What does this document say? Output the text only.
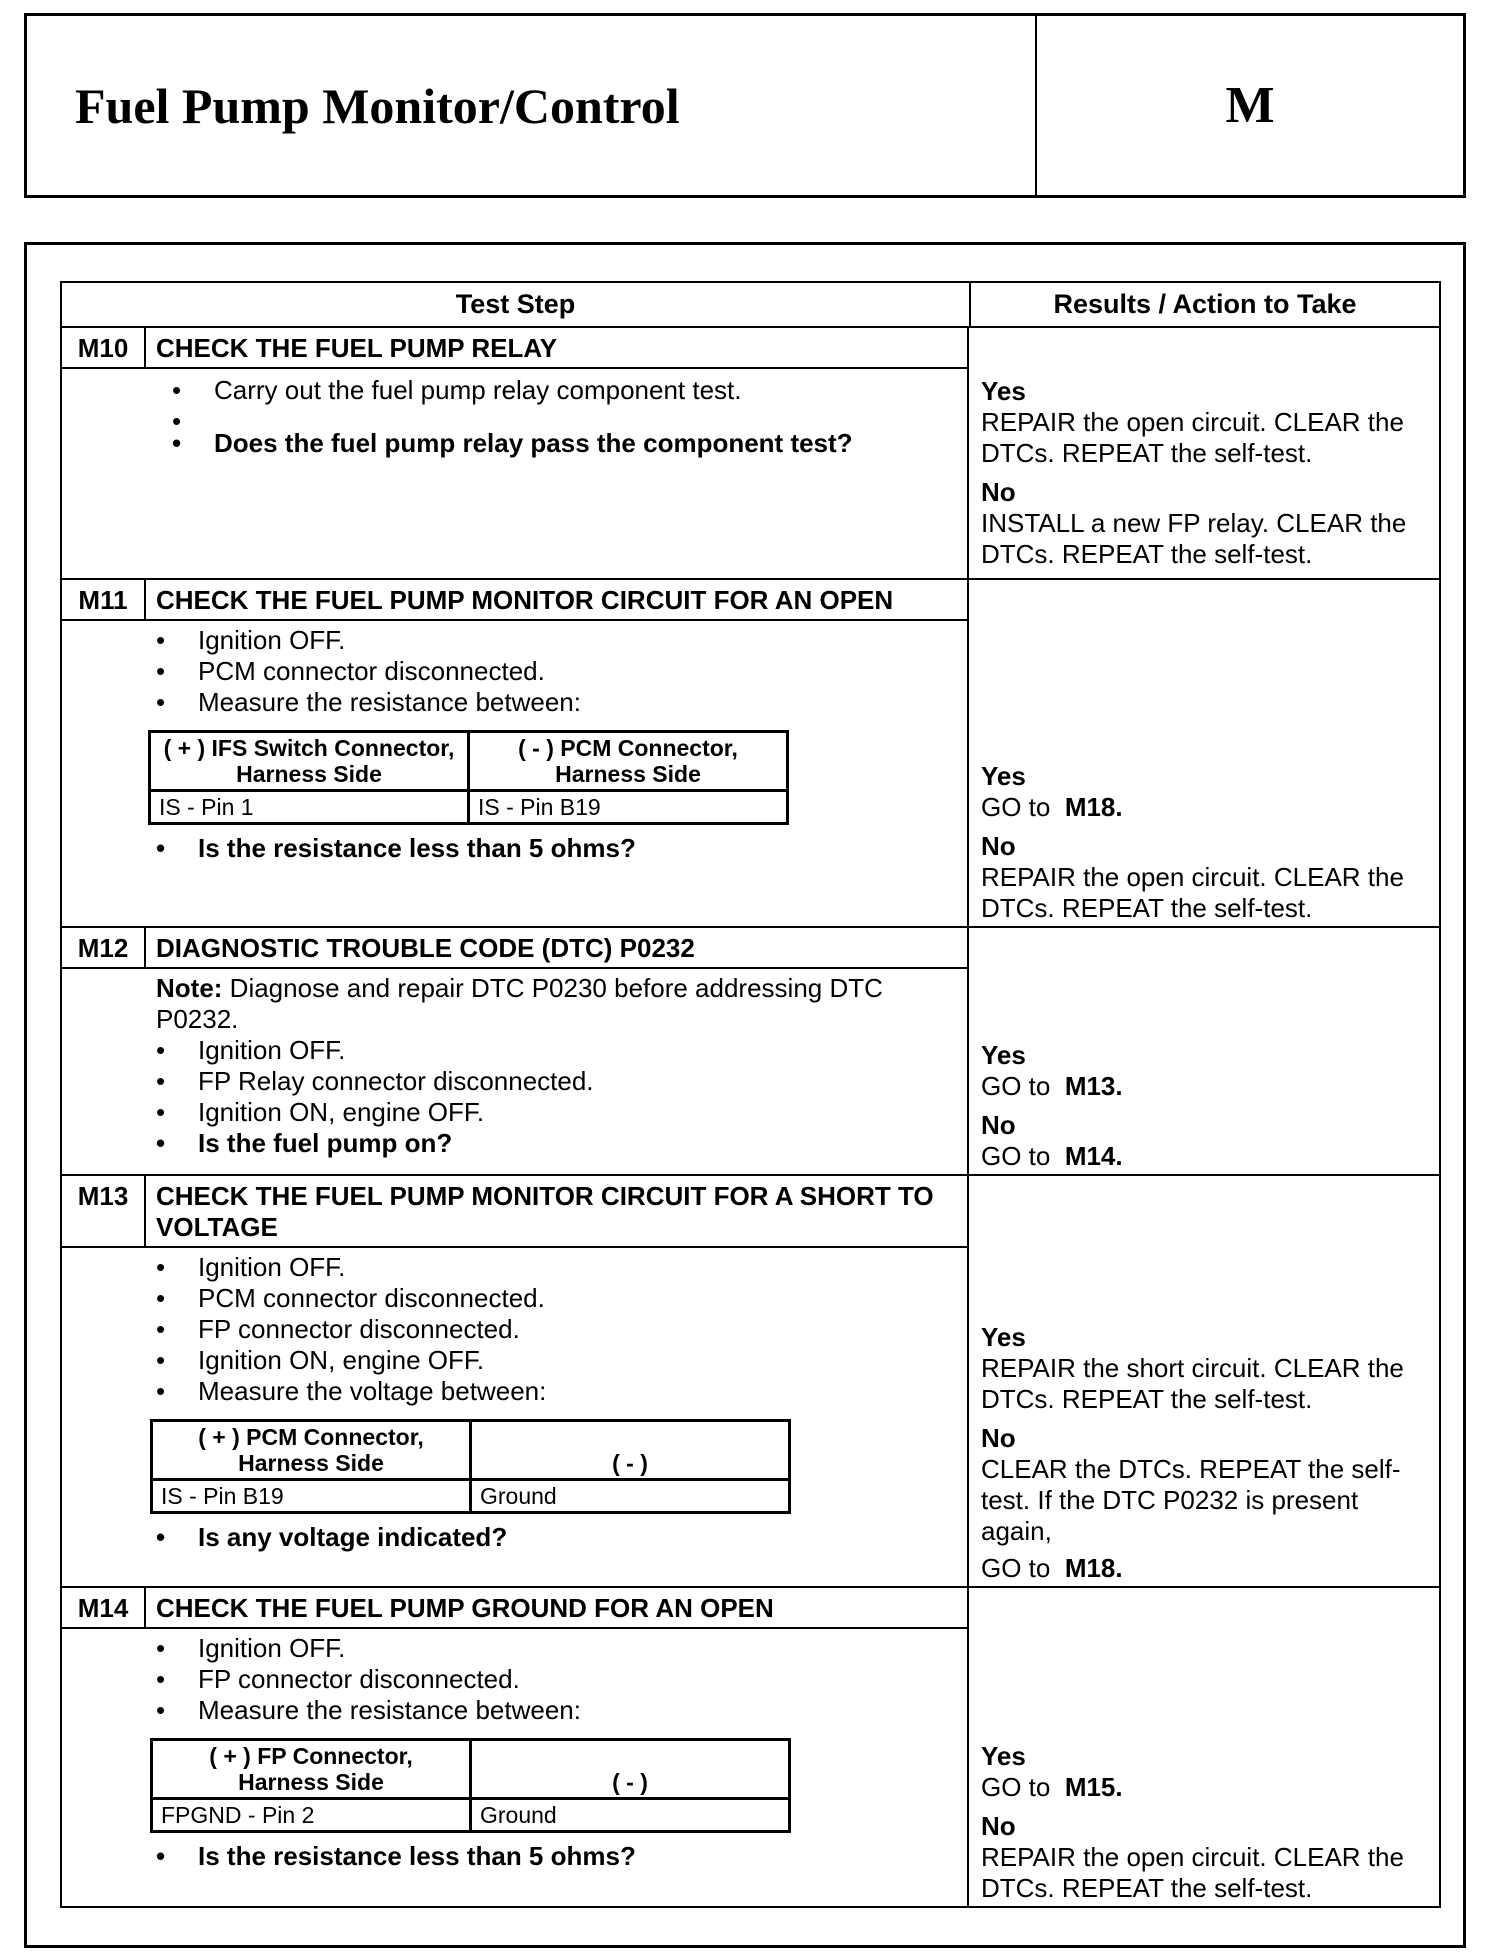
Fuel Pump Monitor/Control	M
Test Step	Results / Action to Take
M10	CHECK THE FUEL PUMP RELAY
• Carry out the fuel pump relay component test.
•
• Does the fuel pump relay pass the component test?
Yes
REPAIR the open circuit. CLEAR the DTCs. REPEAT the self-test.
No
INSTALL a new FP relay. CLEAR the DTCs. REPEAT the self-test.
M11	CHECK THE FUEL PUMP MONITOR CIRCUIT FOR AN OPEN
• Ignition OFF.
• PCM connector disconnected.
• Measure the resistance between:
( + ) IFS Switch Connector, Harness Side	( - ) PCM Connector, Harness Side
IS - Pin 1	IS - Pin B19
• Is the resistance less than 5 ohms?
Yes
GO to M18.
No
REPAIR the open circuit. CLEAR the DTCs. REPEAT the self-test.
M12	DIAGNOSTIC TROUBLE CODE (DTC) P0232
Note: Diagnose and repair DTC P0230 before addressing DTC P0232.
• Ignition OFF.
• FP Relay connector disconnected.
• Ignition ON, engine OFF.
• Is the fuel pump on?
Yes
GO to M13.
No
GO to M14.
M13	CHECK THE FUEL PUMP MONITOR CIRCUIT FOR A SHORT TO VOLTAGE
• Ignition OFF.
• PCM connector disconnected.
• FP connector disconnected.
• Ignition ON, engine OFF.
• Measure the voltage between:
( + ) PCM Connector, Harness Side	( - )
IS - Pin B19	Ground
• Is any voltage indicated?
Yes
REPAIR the short circuit. CLEAR the DTCs. REPEAT the self-test.
No
CLEAR the DTCs. REPEAT the self-test. If the DTC P0232 is present again,
GO to M18.
M14	CHECK THE FUEL PUMP GROUND FOR AN OPEN
• Ignition OFF.
• FP connector disconnected.
• Measure the resistance between:
( + ) FP Connector, Harness Side	( - )
FPGND - Pin 2	Ground
• Is the resistance less than 5 ohms?
Yes
GO to M15.
No
REPAIR the open circuit. CLEAR the DTCs. REPEAT the self-test.
